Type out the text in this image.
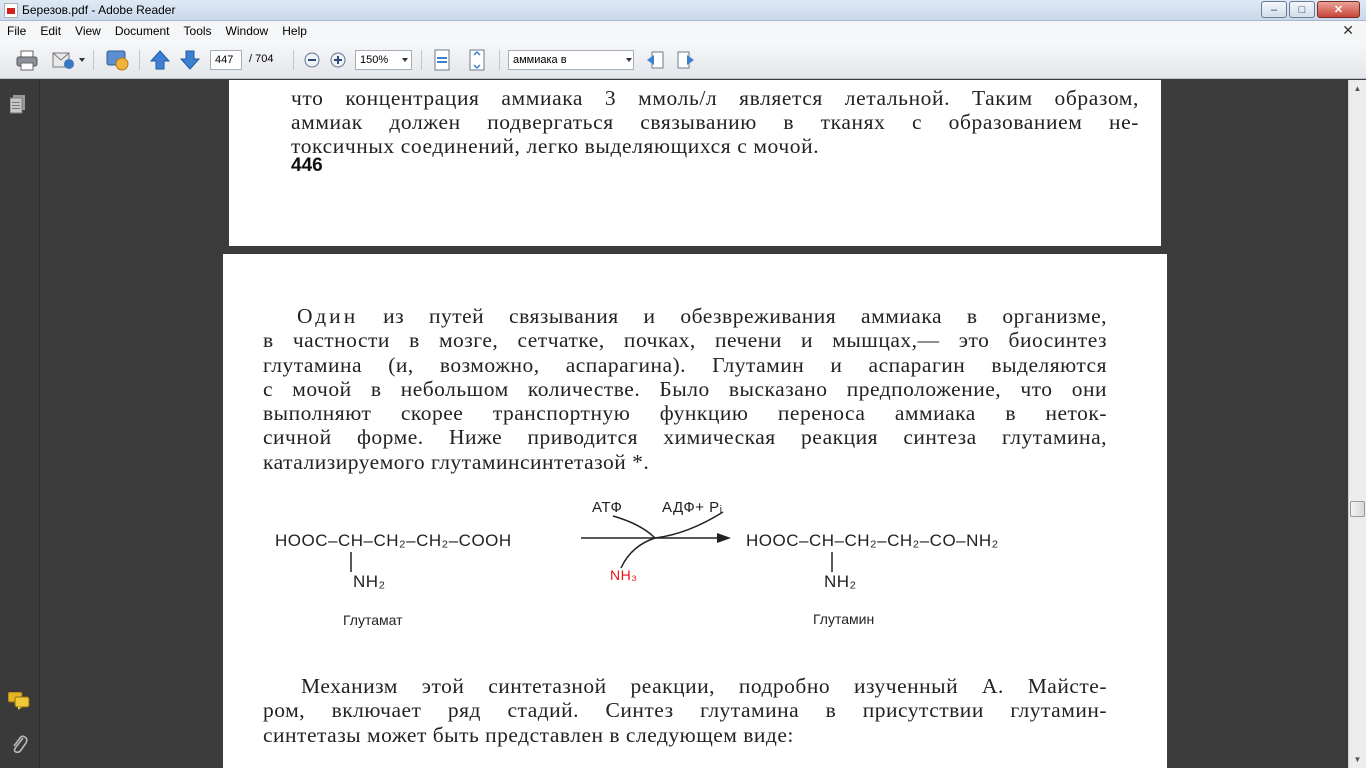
Березов.pdf - Adobe Reader	–	□	✕
File	Edit	View	Document	Tools	Window	Help	✕
447	/ 704	150%	аммиака в
что концентрация аммиака 3 ммоль/л является летальной. Таким образом,
аммиак должен подвергаться связыванию в тканях с образованием не-
токсичных соединений, легко выделяющихся с мочой.
446
Один из путей связывания и обезвреживания аммиака в организме,
в частности в мозге, сетчатке, почках, печени и мышцах,— это биосинтез
глутамина (и, возможно, аспарагина). Глутамин и аспарагин выделяются
с мочой в небольшом количестве. Было высказано предположение, что они
выполняют скорее транспортную функцию переноса аммиака в неток-
сичной форме. Ниже приводится химическая реакция синтеза глутамина,
катализируемого глутаминсинтетазой *.
HOOC–CH–CH₂–CH₂–COOH
NH₂
Глутамат
АТФ	АДФ+ Pᵢ
NH₃
HOOC–CH–CH₂–CH₂–CO–NH₂
NH₂
Глутамин
Механизм этой синтетазной реакции, подробно изученный А. Майсте-
ром, включает ряд стадий. Синтез глутамина в присутствии глутамин-
синтетазы может быть представлен в следующем виде:
▲
▼
